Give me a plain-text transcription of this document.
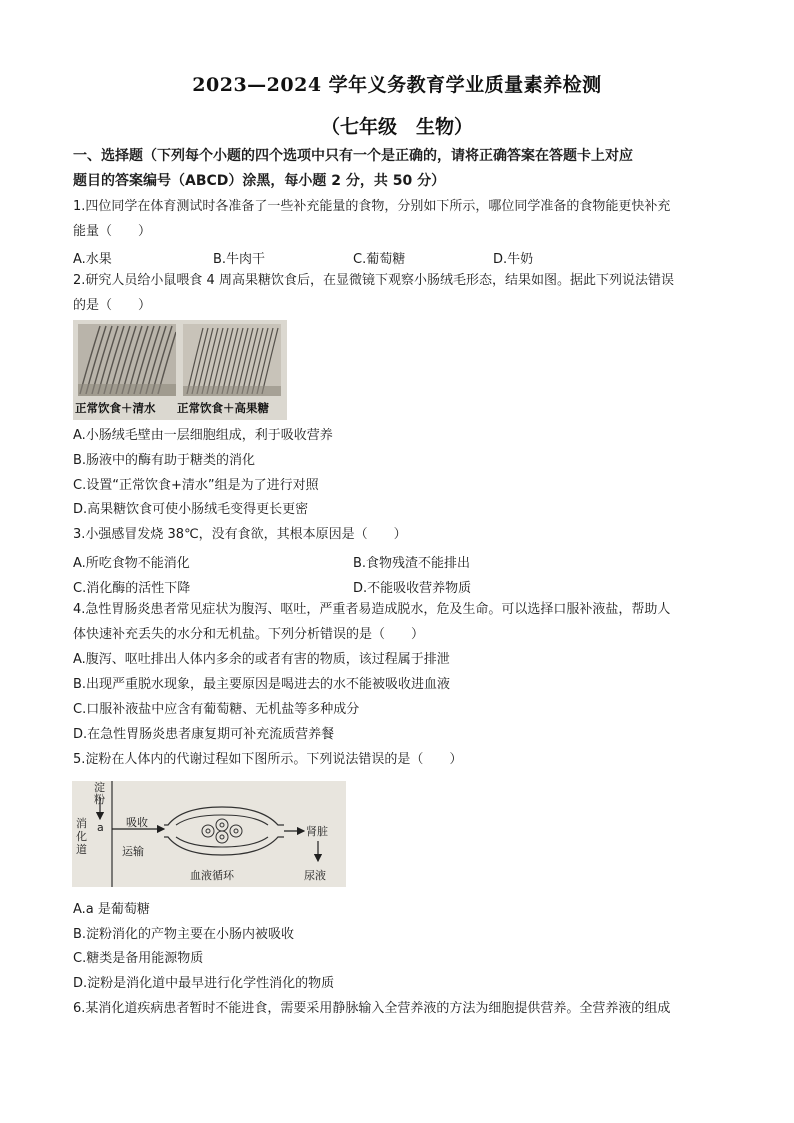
2023—2024 学年义务教育学业质量素养检测
（七年级　生物）
一、选择题（下列每个小题的四个选项中只有一个是正确的，请将正确答案在答题卡上对应
题目的答案编号（ABCD）涂黑，每小题 2 分，共 50 分）
1.四位同学在体育测试时各准备了一些补充能量的食物，分别如下所示，哪位同学准备的食物能更快补充
能量（　　）
A.水果	B.牛肉干	C.葡萄糖	D.牛奶
2.研究人员给小鼠喂食 4 周高果糖饮食后，在显微镜下观察小肠绒毛形态，结果如图。据此下列说法错误
的是（　　）
正常饮食＋清水 正常饮食＋高果糖
A.小肠绒毛壁由一层细胞组成，利于吸收营养
B.肠液中的酶有助于糖类的消化
C.设置“正常饮食+清水”组是为了进行对照
D.高果糖饮食可使小肠绒毛变得更长更密
3.小强感冒发烧 38℃，没有食欲，其根本原因是（　　）
A.所吃食物不能消化	B.食物残渣不能排出
C.消化酶的活性下降	D.不能吸收营养物质
4.急性胃肠炎患者常见症状为腹泻、呕吐，严重者易造成脱水，危及生命。可以选择口服补液盐，帮助人
体快速补充丢失的水分和无机盐。下列分析错误的是（　　）
A.腹泻、呕吐排出人体内多余的或者有害的物质，该过程属于排泄
B.出现严重脱水现象，最主要原因是喝进去的水不能被吸收进血液
C.口服补液盐中应含有葡萄糖、无机盐等多种成分
D.在急性胃肠炎患者康复期可补充流质营养餐
5.淀粉在人体内的代谢过程如下图所示。下列说法错误的是（　　）
淀粉
a
消化道
吸收
运输
肾脏
血液循环	尿液
A.a 是葡萄糖
B.淀粉消化的产物主要在小肠内被吸收
C.糖类是备用能源物质
D.淀粉是消化道中最早进行化学性消化的物质
6.某消化道疾病患者暂时不能进食，需要采用静脉输入全营养液的方法为细胞提供营养。全营养液的组成
